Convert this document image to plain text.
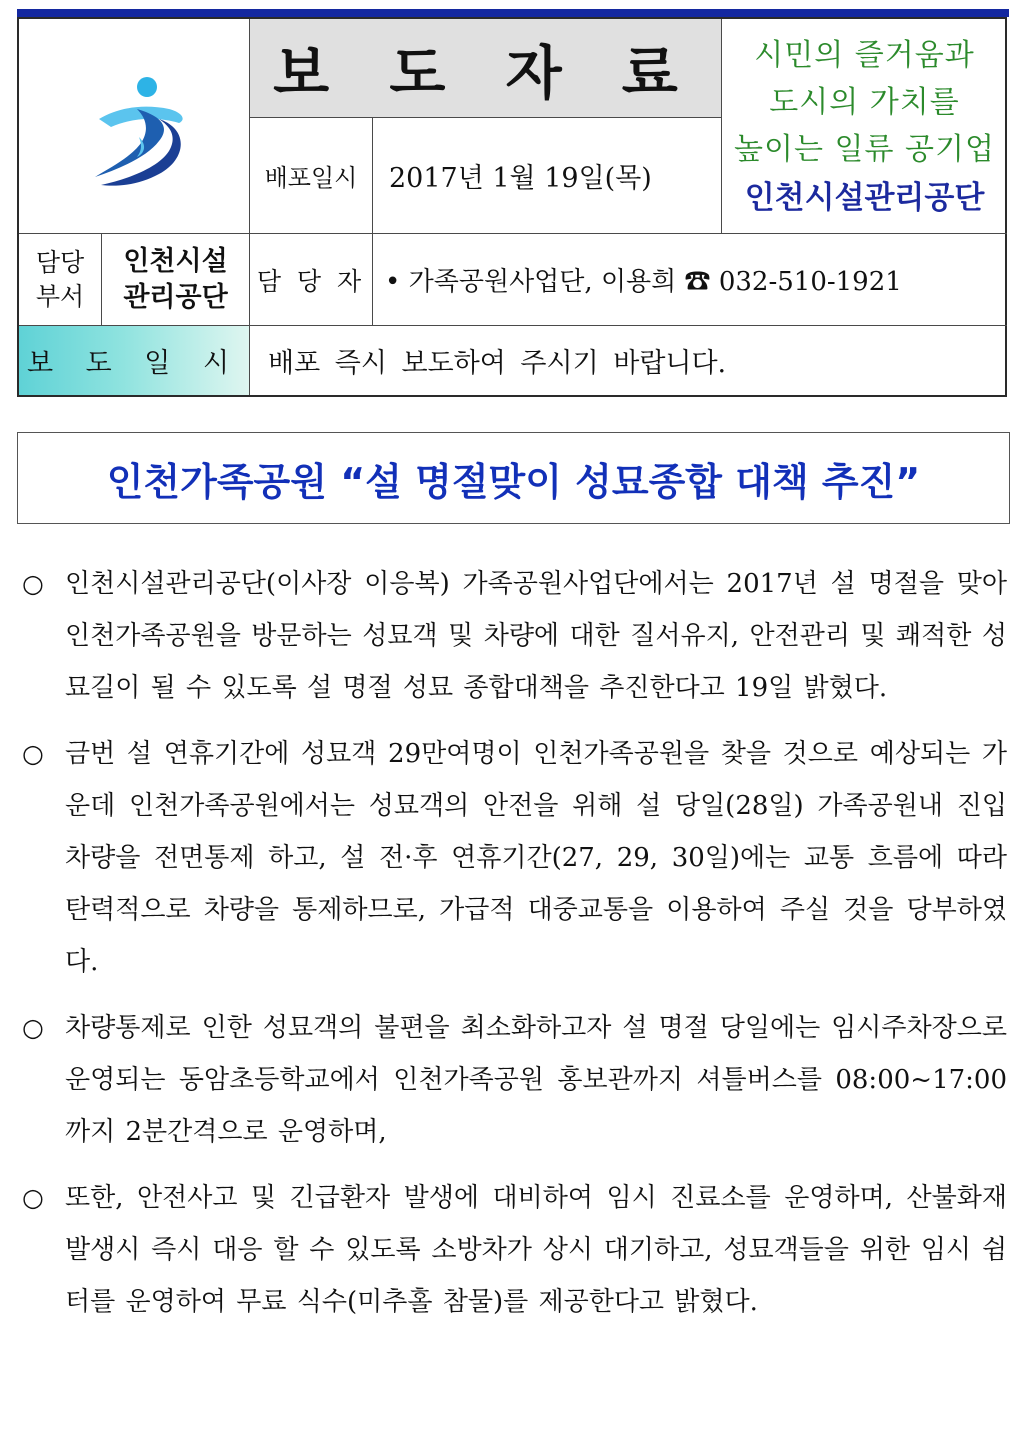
보 도 자 료
배포일시	2017년 1월 19일(목)
시민의 즐거움과
도시의 가치를
높이는 일류 공기업
인천시설관리공단
담당
부서
인천시설
관리공단
담 당 자 • 가족공원사업단, 이용희 ☎ 032-510-1921
보 도 일 시 배포 즉시 보도하여 주시기 바랍니다.
인천가족공원 “설 명절맞이 성묘종합 대책 추진”
○ 인천시설관리공단(이사장 이응복) 가족공원사업단에서는 2017년 설 명절을 맞아 인천가족공원을 방문하는 성묘객 및 차량에 대한 질서유지, 안전관리 및 쾌적한 성묘길이 될 수 있도록 설 명절 성묘 종합대책을 추진한다고 19일 밝혔다.
○ 금번 설 연휴기간에 성묘객 29만여명이 인천가족공원을 찾을 것으로 예상되는 가운데 인천가족공원에서는 성묘객의 안전을 위해 설 당일(28일) 가족공원내 진입 차량을 전면통제 하고, 설 전·후 연휴기간(27, 29, 30일)에는 교통 흐름에 따라 탄력적으로 차량을 통제하므로, 가급적 대중교통을 이용하여 주실 것을 당부하였다.
○ 차량통제로 인한 성묘객의 불편을 최소화하고자 설 명절 당일에는 임시주차장으로 운영되는 동암초등학교에서 인천가족공원 홍보관까지 셔틀버스를 08:00~17:00까지 2분간격으로 운영하며,
○ 또한, 안전사고 및 긴급환자 발생에 대비하여 임시 진료소를 운영하며, 산불화재 발생시 즉시 대응 할 수 있도록 소방차가 상시 대기하고, 성묘객들을 위한 임시 쉼터를 운영하여 무료 식수(미추홀 참물)를 제공한다고 밝혔다.
